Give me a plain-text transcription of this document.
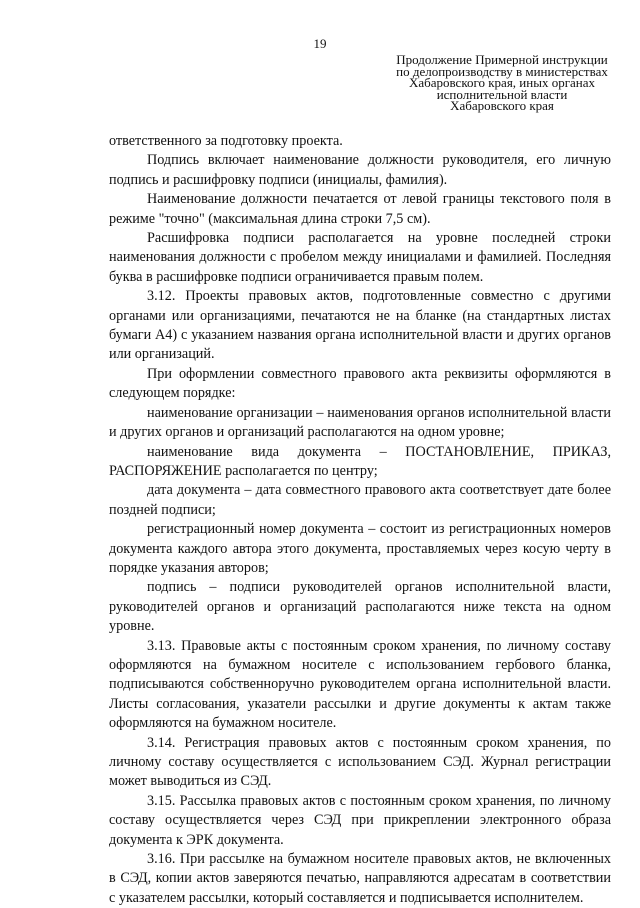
19
Продолжение Примерной инструкции
по делопроизводству в министерствах
Хабаровского края, иных органах
исполнительной власти
Хабаровского края

ответственного за подготовку проекта.

Подпись включает наименование должности руководителя, его личную подпись и расшифровку подписи (инициалы, фамилия).

Наименование должности печатается от левой границы текстового поля в режиме "точно" (максимальная длина строки 7,5 см).

Расшифровка подписи располагается на уровне последней строки наименования должности с пробелом между инициалами и фамилией. Последняя буква в расшифровке подписи ограничивается правым полем.

3.12. Проекты правовых актов, подготовленные совместно с другими органами или организациями, печатаются не на бланке (на стандартных листах бумаги А4) с указанием названия органа исполнительной власти и других органов или организаций.

При оформлении совместного правового акта реквизиты оформляются в следующем порядке:

наименование организации – наименования органов исполнительной власти и других органов и организаций располагаются на одном уровне;

наименование вида документа – ПОСТАНОВЛЕНИЕ, ПРИКАЗ, РАСПОРЯЖЕНИЕ располагается по центру;

дата документа – дата совместного правового акта соответствует дате более поздней подписи;

регистрационный номер документа – состоит из регистрационных номеров документа каждого автора этого документа, проставляемых через косую черту в порядке указания авторов;

подпись – подписи руководителей органов исполнительной власти, руководителей органов и организаций располагаются ниже текста на одном уровне.

3.13. Правовые акты с постоянным сроком хранения, по личному составу оформляются на бумажном носителе с использованием гербового бланка, подписываются собственноручно руководителем органа исполнительной власти. Листы согласования, указатели рассылки и другие документы к актам также оформляются на бумажном носителе.

3.14. Регистрация правовых актов с постоянным сроком хранения, по личному составу осуществляется с использованием СЭД. Журнал регистрации может выводиться из СЭД.

3.15. Рассылка правовых актов с постоянным сроком хранения, по личному составу осуществляется через СЭД при прикреплении электронного образа документа к ЭРК документа.

3.16. При рассылке на бумажном носителе правовых актов, не включенных в СЭД, копии актов заверяются печатью, направляются адресатам в соответствии с указателем рассылки, который составляется и подписывается исполнителем.
